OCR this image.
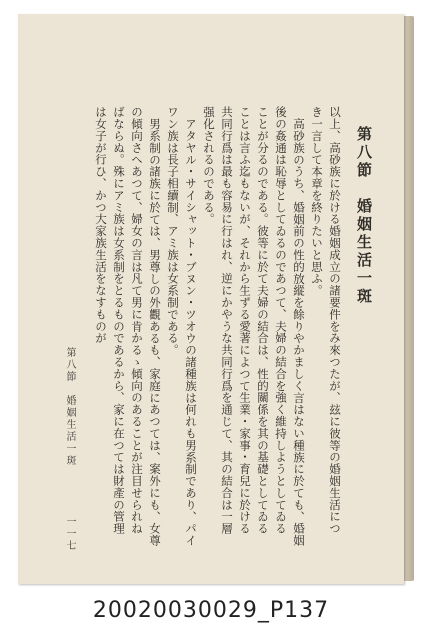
第八節　婚姻生活一斑

以上、高砂族に於ける婚姻成立の諸要件をみ來つたが、玆に彼等の婚姻生活につき一言して本章を終りたいと思ふ。

高砂族のうち、婚姻前の性的放縱を餘りやかましく言はない種族に於ても、婚姻後の姦通は恥辱としてゐるのであつて、夫婦の結合を強く維持しようとしてゐることが分るのである。彼等に於て夫婦の結合は、性的關係を其の基礎としてゐることは言ふ迄もないが、それから生ずる愛著によつて生業・家事・育兒に於ける共同行爲は最も容易に行はれ、逆にかやうな共同行爲を通じて、其の結合は一層强化されるのである。

アタヤル・サイシャット・ブヌン・ツオウの諸種族は何れも男系制であり、パイワン族は長子相續制、アミ族は女系制である。

男系制の諸族に於ては、男尊しの外觀あるも、家庭にあつては、案外にも、女尊の傾向さへあつて、婦女の言は凡て男に肯かるゝ傾向のあることが注目せられねばならぬ。殊にアミ族は女系制をとるものであるから、家に在つては財產の管理は女子が行ひ、かつ大家族生活をなすものが

第八節　婚姻生活一斑
一一七
20020030029_P137
